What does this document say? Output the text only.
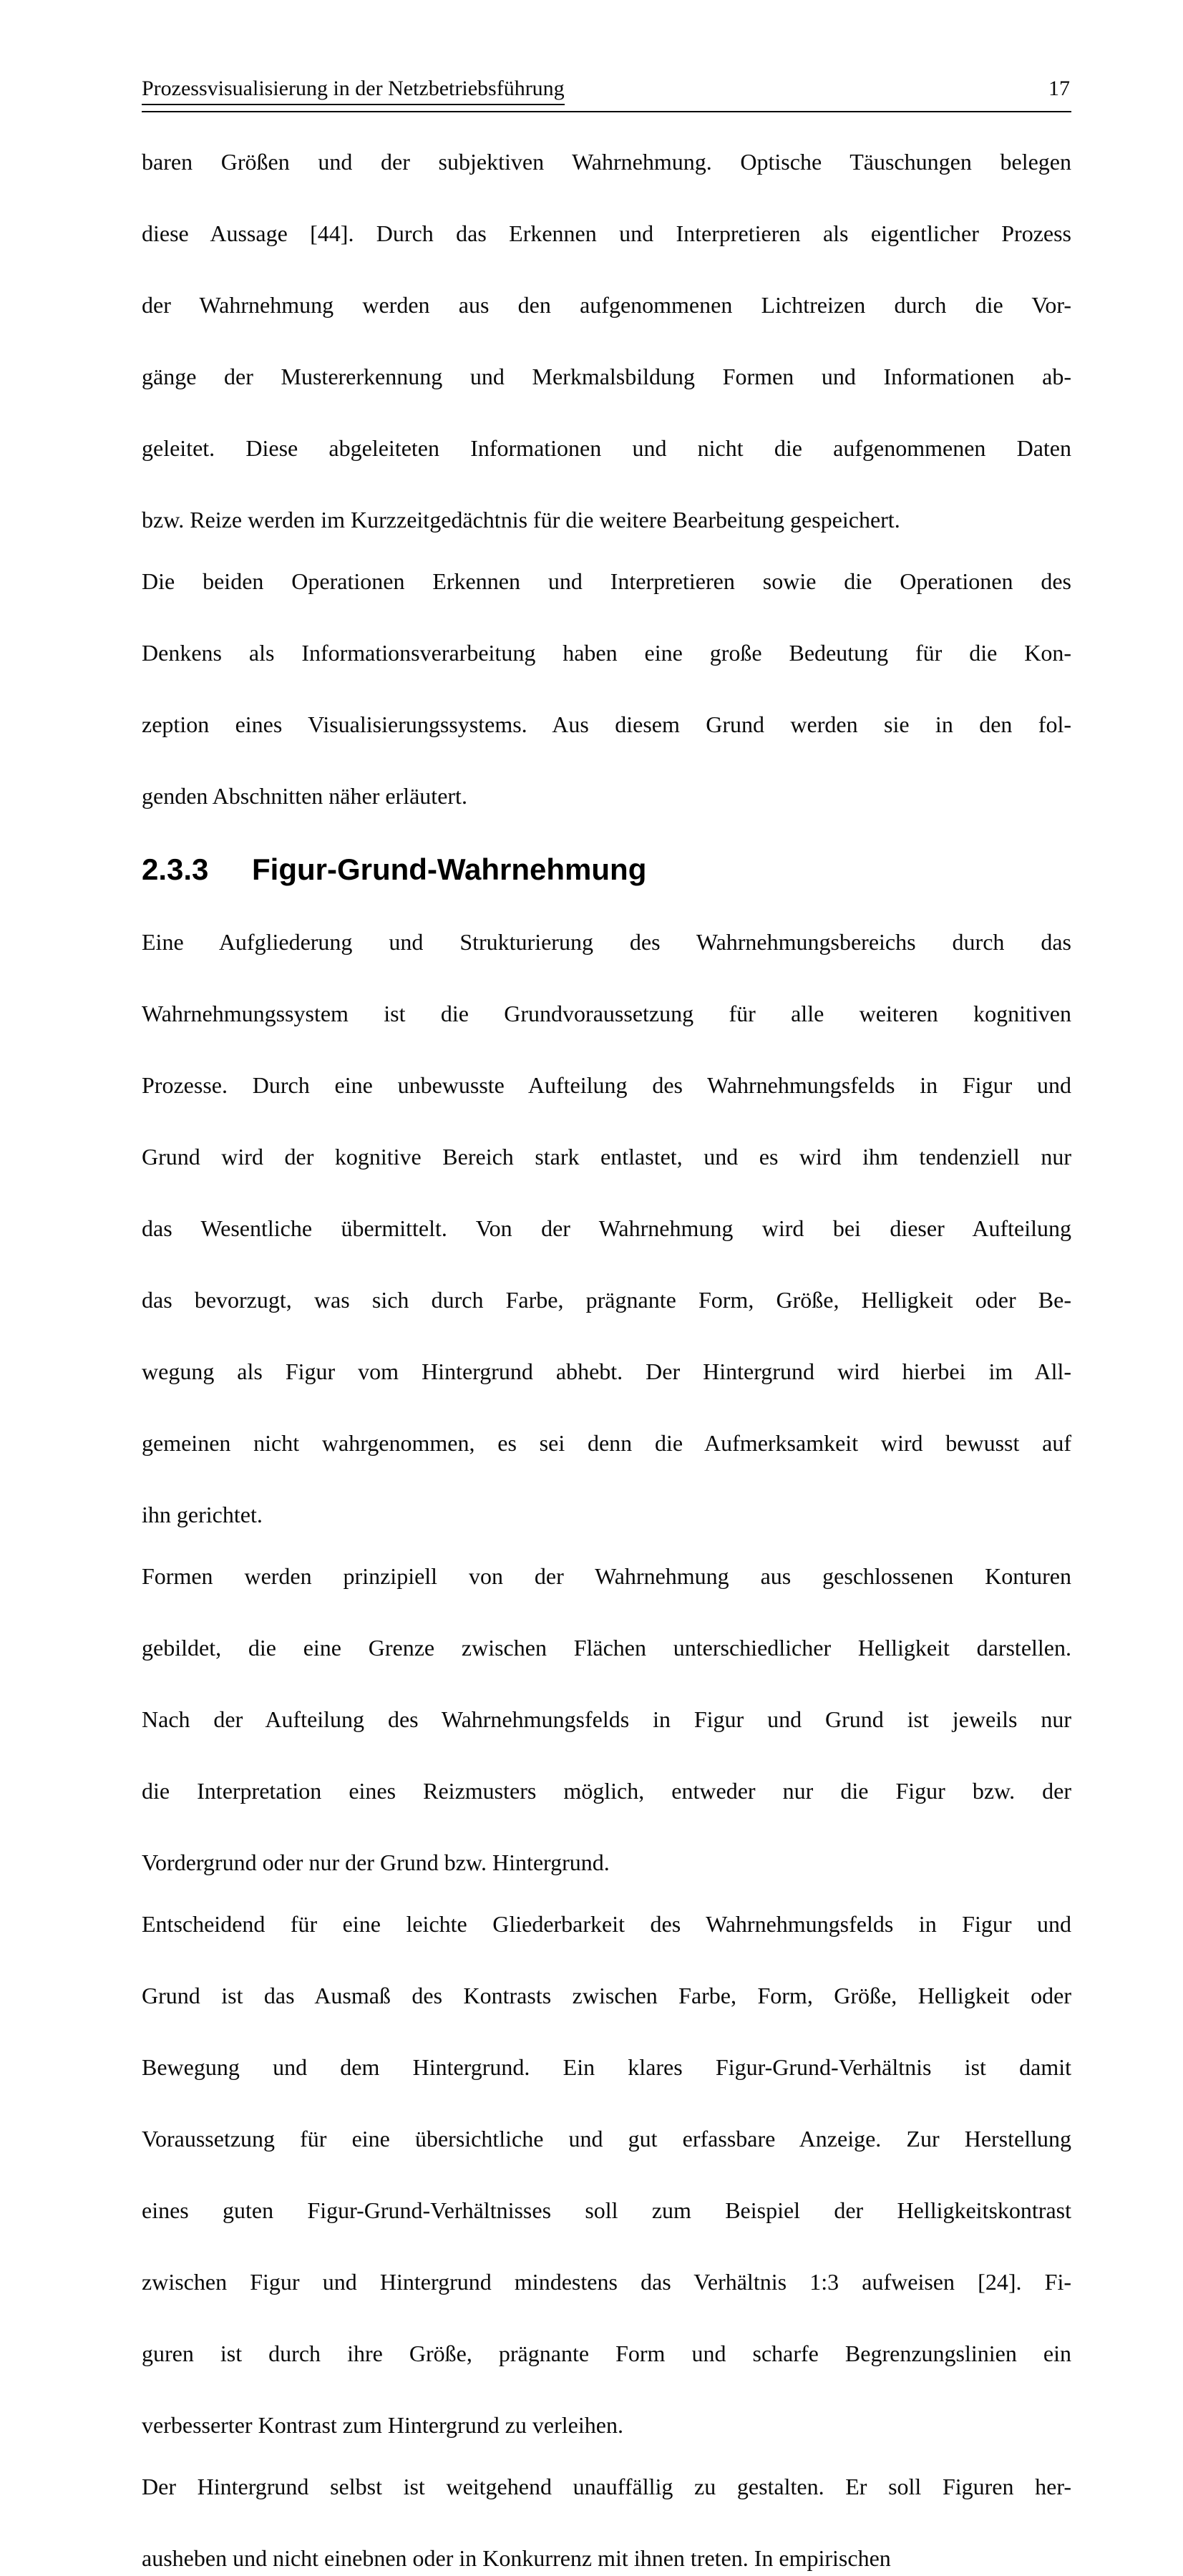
Prozessvisualisierung in der Netzbetriebsführung	17

baren Größen und der subjektiven Wahrnehmung. Optische Täuschungen belegen
diese Aussage [44]. Durch das Erkennen und Interpretieren als eigentlicher Prozess
der Wahrnehmung werden aus den aufgenommenen Lichtreizen durch die Vor-
gänge der Mustererkennung und Merkmalsbildung Formen und Informationen ab-
geleitet. Diese abgeleiteten Informationen und nicht die aufgenommenen Daten
bzw. Reize werden im Kurzzeitgedächtnis für die weitere Bearbeitung gespeichert.

Die beiden Operationen Erkennen und Interpretieren sowie die Operationen des
Denkens als Informationsverarbeitung haben eine große Bedeutung für die Kon-
zeption eines Visualisierungssystems. Aus diesem Grund werden sie in den fol-
genden Abschnitten näher erläutert.

2.3.3 Figur-Grund-Wahrnehmung

Eine Aufgliederung und Strukturierung des Wahrnehmungsbereichs durch das
Wahrnehmungssystem ist die Grundvoraussetzung für alle weiteren kognitiven
Prozesse. Durch eine unbewusste Aufteilung des Wahrnehmungsfelds in Figur und
Grund wird der kognitive Bereich stark entlastet, und es wird ihm tendenziell nur
das Wesentliche übermittelt. Von der Wahrnehmung wird bei dieser Aufteilung
das bevorzugt, was sich durch Farbe, prägnante Form, Größe, Helligkeit oder Be-
wegung als Figur vom Hintergrund abhebt. Der Hintergrund wird hierbei im All-
gemeinen nicht wahrgenommen, es sei denn die Aufmerksamkeit wird bewusst auf
ihn gerichtet.

Formen werden prinzipiell von der Wahrnehmung aus geschlossenen Konturen
gebildet, die eine Grenze zwischen Flächen unterschiedlicher Helligkeit darstellen.
Nach der Aufteilung des Wahrnehmungsfelds in Figur und Grund ist jeweils nur
die Interpretation eines Reizmusters möglich, entweder nur die Figur bzw. der
Vordergrund oder nur der Grund bzw. Hintergrund.

Entscheidend für eine leichte Gliederbarkeit des Wahrnehmungsfelds in Figur und
Grund ist das Ausmaß des Kontrasts zwischen Farbe, Form, Größe, Helligkeit oder
Bewegung und dem Hintergrund. Ein klares Figur-Grund-Verhältnis ist damit
Voraussetzung für eine übersichtliche und gut erfassbare Anzeige. Zur Herstellung
eines guten Figur-Grund-Verhältnisses soll zum Beispiel der Helligkeitskontrast
zwischen Figur und Hintergrund mindestens das Verhältnis 1:3 aufweisen [24]. Fi-
guren ist durch ihre Größe, prägnante Form und scharfe Begrenzungslinien ein
verbesserter Kontrast zum Hintergrund zu verleihen.

Der Hintergrund selbst ist weitgehend unauffällig zu gestalten. Er soll Figuren her-
ausheben und nicht einebnen oder in Konkurrenz mit ihnen treten. In empirischen
